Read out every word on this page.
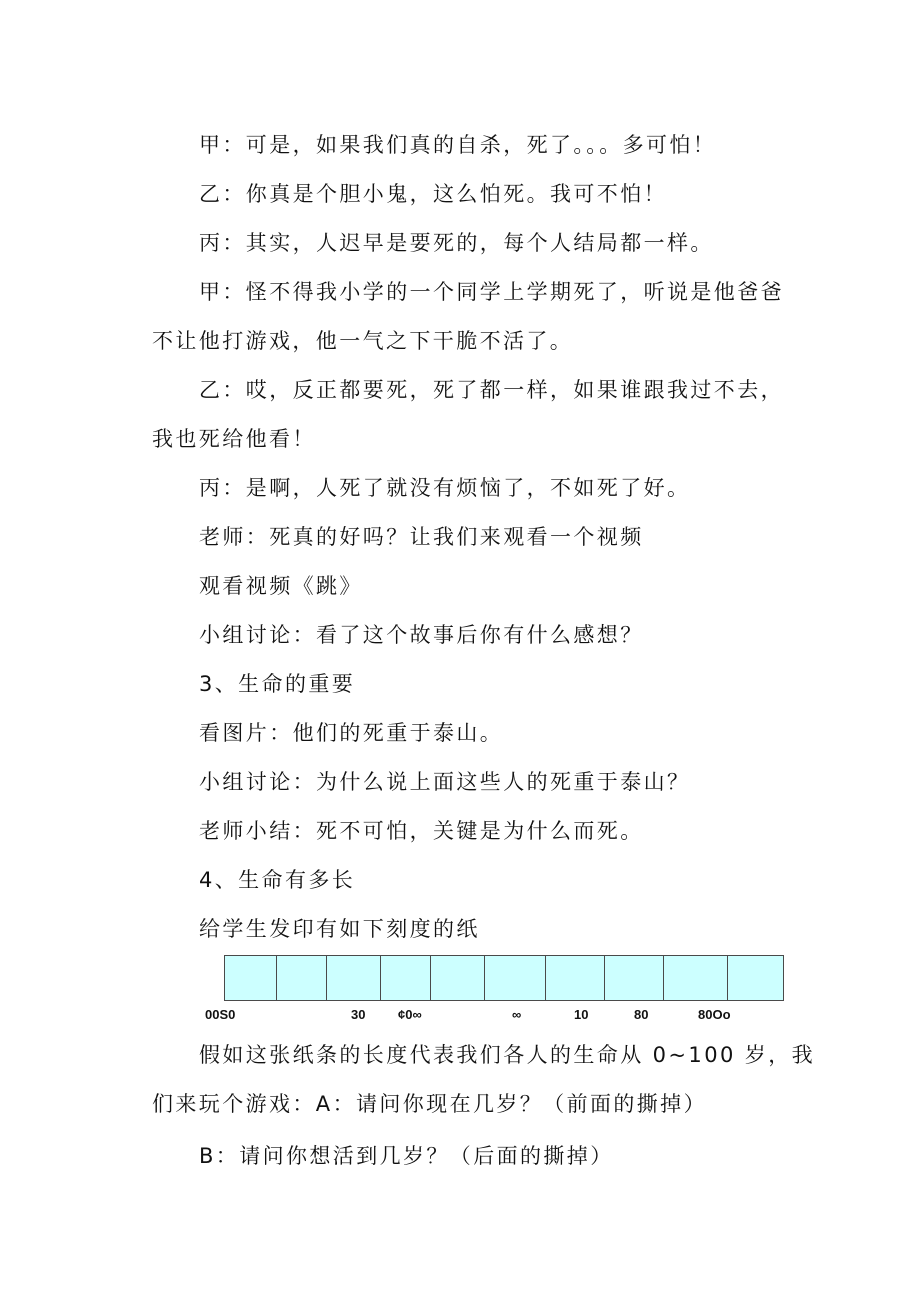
甲：可是，如果我们真的自杀，死了。。。多可怕！
乙：你真是个胆小鬼，这么怕死。我可不怕！
丙：其实，人迟早是要死的，每个人结局都一样。
甲：怪不得我小学的一个同学上学期死了，听说是他爸爸
不让他打游戏，他一气之下干脆不活了。
乙：哎，反正都要死，死了都一样，如果谁跟我过不去，
我也死给他看！
丙：是啊，人死了就没有烦恼了，不如死了好。
老师：死真的好吗？让我们来观看一个视频
观看视频《跳》
小组讨论：看了这个故事后你有什么感想？
3、生命的重要
看图片：他们的死重于泰山。
小组讨论：为什么说上面这些人的死重于泰山？
老师小结：死不可怕，关键是为什么而死。
4、生命有多长
给学生发印有如下刻度的纸
00S0	30	¢0∞	∞	10	80	80Oo
假如这张纸条的长度代表我们各人的生命从 0~100 岁，我
们来玩个游戏：A：请问你现在几岁？（前面的撕掉）
B：请问你想活到几岁？（后面的撕掉）
